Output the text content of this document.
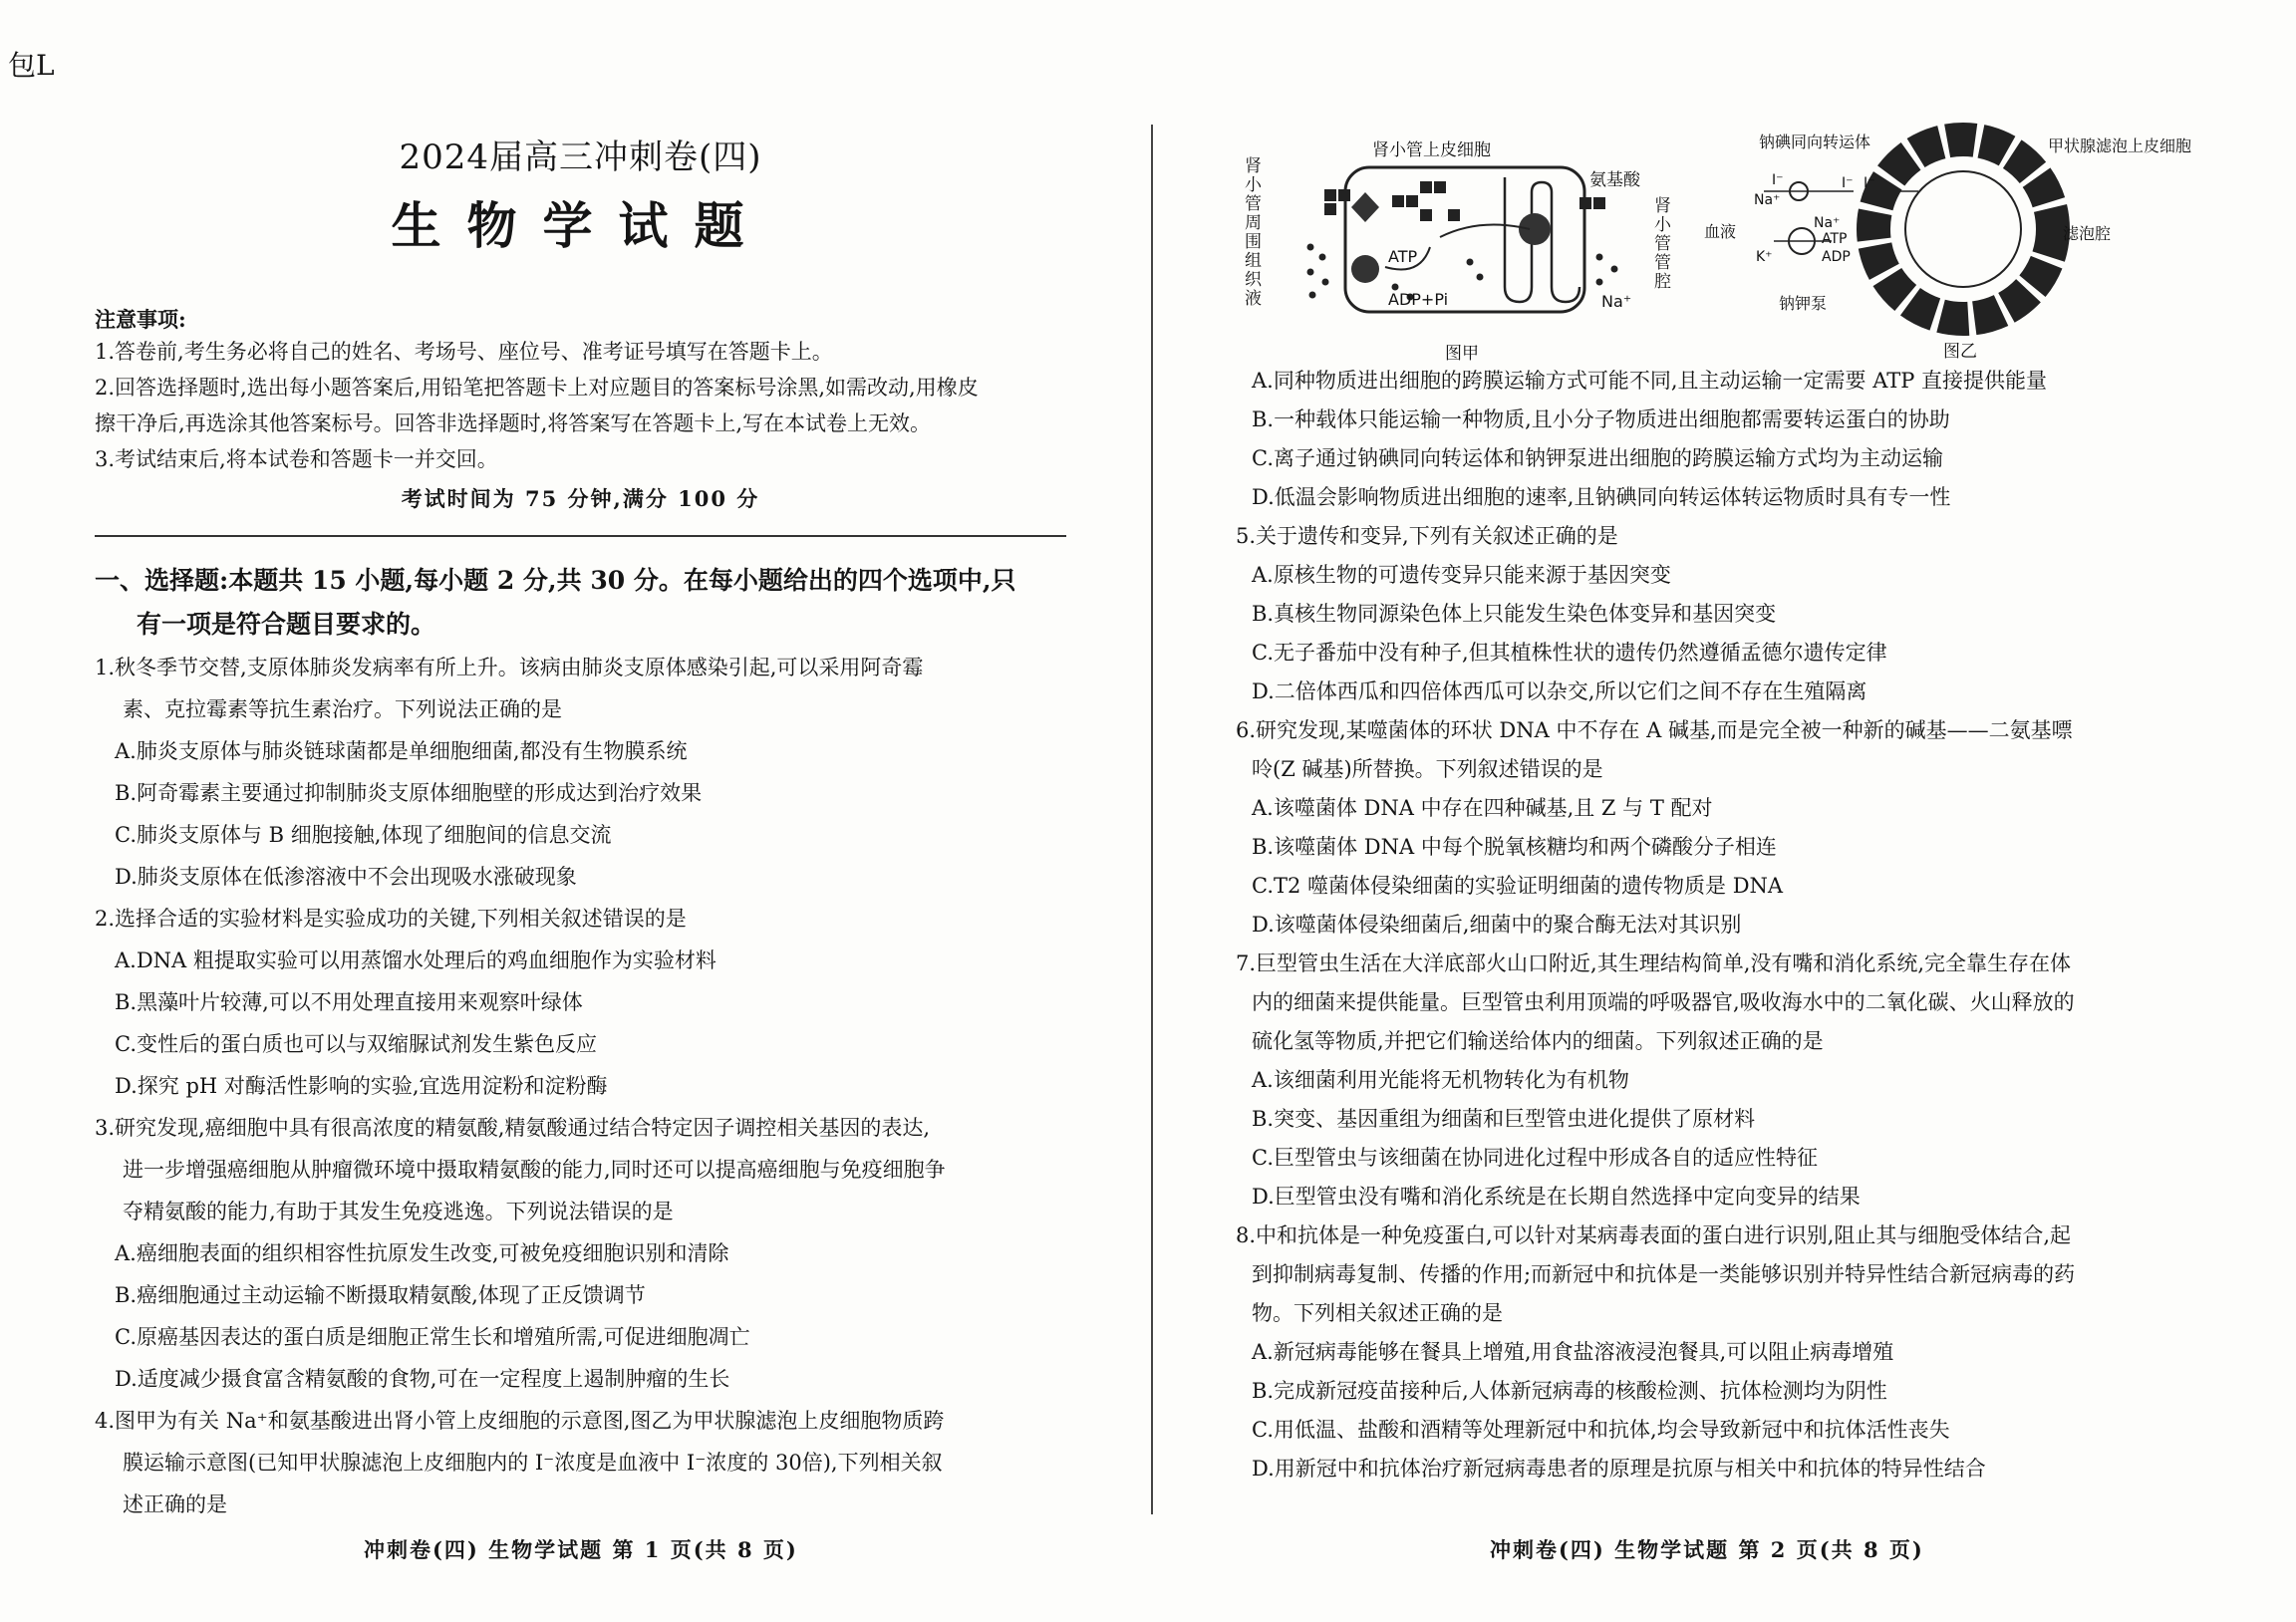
包L
2024届高三冲刺卷(四)
生物学试题
注意事项:
1.答卷前,考生务必将自己的姓名、考场号、座位号、准考证号填写在答题卡上。
2.回答选择题时,选出每小题答案后,用铅笔把答题卡上对应题目的答案标号涂黑,如需改动,用橡皮
擦干净后,再选涂其他答案标号。回答非选择题时,将答案写在答题卡上,写在本试卷上无效。
3.考试结束后,将本试卷和答题卡一并交回。
考试时间为 75 分钟,满分 100 分
一、选择题:本题共 15 小题,每小题 2 分,共 30 分。在每小题给出的四个选项中,只
有一项是符合题目要求的。
1.秋冬季节交替,支原体肺炎发病率有所上升。该病由肺炎支原体感染引起,可以采用阿奇霉
素、克拉霉素等抗生素治疗。下列说法正确的是
A.肺炎支原体与肺炎链球菌都是单细胞细菌,都没有生物膜系统
B.阿奇霉素主要通过抑制肺炎支原体细胞壁的形成达到治疗效果
C.肺炎支原体与 B 细胞接触,体现了细胞间的信息交流
D.肺炎支原体在低渗溶液中不会出现吸水涨破现象
2.选择合适的实验材料是实验成功的关键,下列相关叙述错误的是
A.DNA 粗提取实验可以用蒸馏水处理后的鸡血细胞作为实验材料
B.黑藻叶片较薄,可以不用处理直接用来观察叶绿体
C.变性后的蛋白质也可以与双缩脲试剂发生紫色反应
D.探究 pH 对酶活性影响的实验,宜选用淀粉和淀粉酶
3.研究发现,癌细胞中具有很高浓度的精氨酸,精氨酸通过结合特定因子调控相关基因的表达,
进一步增强癌细胞从肿瘤微环境中摄取精氨酸的能力,同时还可以提高癌细胞与免疫细胞争
夺精氨酸的能力,有助于其发生免疫逃逸。下列说法错误的是
A.癌细胞表面的组织相容性抗原发生改变,可被免疫细胞识别和清除
B.癌细胞通过主动运输不断摄取精氨酸,体现了正反馈调节
C.原癌基因表达的蛋白质是细胞正常生长和增殖所需,可促进细胞凋亡
D.适度减少摄食富含精氨酸的食物,可在一定程度上遏制肿瘤的生长
4.图甲为有关 Na⁺和氨基酸进出肾小管上皮细胞的示意图,图乙为甲状腺滤泡上皮细胞物质跨
膜运输示意图(已知甲状腺滤泡上皮细胞内的 I⁻浓度是血液中 I⁻浓度的 30倍),下列相关叙
述正确的是
冲刺卷(四) 生物学试题 第 1 页(共 8 页)
肾小管上皮细胞
ATP
ADP+Pi
氨基酸
Na⁺
图甲
肾小管周围组织液
肾小管管腔
钠碘同向转运体	甲状腺滤泡上皮细胞
I⁻
Na⁺
I⁻ I⁻
血液	Na⁺
ATP
K⁺	ADP
滤泡腔
钠钾泵
图乙
A.同种物质进出细胞的跨膜运输方式可能不同,且主动运输一定需要 ATP 直接提供能量
B.一种载体只能运输一种物质,且小分子物质进出细胞都需要转运蛋白的协助
C.离子通过钠碘同向转运体和钠钾泵进出细胞的跨膜运输方式均为主动运输
D.低温会影响物质进出细胞的速率,且钠碘同向转运体转运物质时具有专一性
5.关于遗传和变异,下列有关叙述正确的是
A.原核生物的可遗传变异只能来源于基因突变
B.真核生物同源染色体上只能发生染色体变异和基因突变
C.无子番茄中没有种子,但其植株性状的遗传仍然遵循孟德尔遗传定律
D.二倍体西瓜和四倍体西瓜可以杂交,所以它们之间不存在生殖隔离
6.研究发现,某噬菌体的环状 DNA 中不存在 A 碱基,而是完全被一种新的碱基——二氨基嘌
呤(Z 碱基)所替换。下列叙述错误的是
A.该噬菌体 DNA 中存在四种碱基,且 Z 与 T 配对
B.该噬菌体 DNA 中每个脱氧核糖均和两个磷酸分子相连
C.T2 噬菌体侵染细菌的实验证明细菌的遗传物质是 DNA
D.该噬菌体侵染细菌后,细菌中的聚合酶无法对其识别
7.巨型管虫生活在大洋底部火山口附近,其生理结构简单,没有嘴和消化系统,完全靠生存在体
内的细菌来提供能量。巨型管虫利用顶端的呼吸器官,吸收海水中的二氧化碳、火山释放的
硫化氢等物质,并把它们输送给体内的细菌。下列叙述正确的是
A.该细菌利用光能将无机物转化为有机物
B.突变、基因重组为细菌和巨型管虫进化提供了原材料
C.巨型管虫与该细菌在协同进化过程中形成各自的适应性特征
D.巨型管虫没有嘴和消化系统是在长期自然选择中定向变异的结果
8.中和抗体是一种免疫蛋白,可以针对某病毒表面的蛋白进行识别,阻止其与细胞受体结合,起
到抑制病毒复制、传播的作用;而新冠中和抗体是一类能够识别并特异性结合新冠病毒的药
物。下列相关叙述正确的是
A.新冠病毒能够在餐具上增殖,用食盐溶液浸泡餐具,可以阻止病毒增殖
B.完成新冠疫苗接种后,人体新冠病毒的核酸检测、抗体检测均为阴性
C.用低温、盐酸和酒精等处理新冠中和抗体,均会导致新冠中和抗体活性丧失
D.用新冠中和抗体治疗新冠病毒患者的原理是抗原与相关中和抗体的特异性结合
冲刺卷(四) 生物学试题 第 2 页(共 8 页)
